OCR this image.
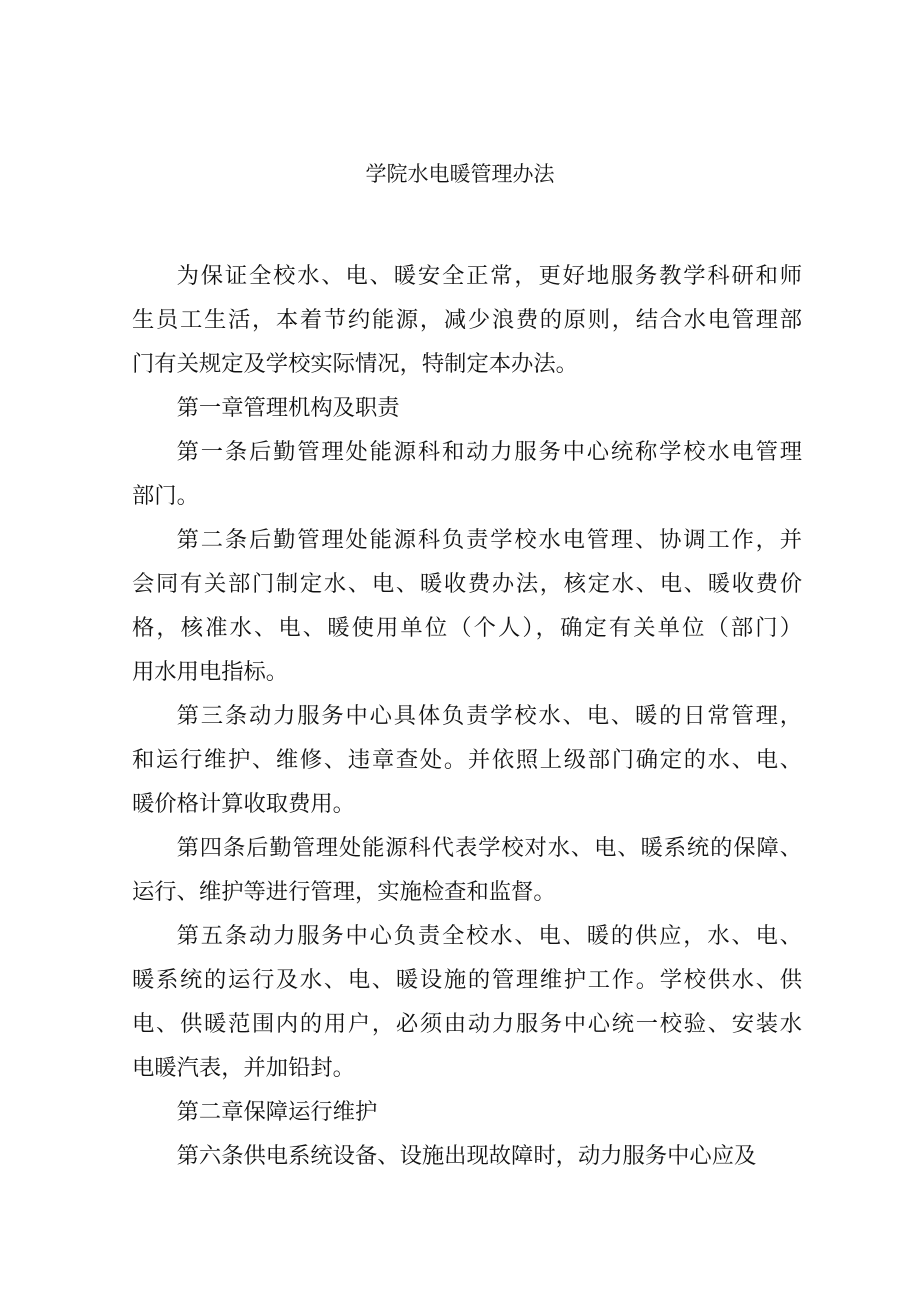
学院水电暖管理办法

为保证全校水、电、暖安全正常，更好地服务教学科研和师
生员工生活，本着节约能源，减少浪费的原则，结合水电管理部
门有关规定及学校实际情况，特制定本办法。

第一章管理机构及职责

第一条后勤管理处能源科和动力服务中心统称学校水电管理
部门。

第二条后勤管理处能源科负责学校水电管理、协调工作，并
会同有关部门制定水、电、暖收费办法，核定水、电、暖收费价
格，核准水、电、暖使用单位（个人），确定有关单位（部门）
用水用电指标。

第三条动力服务中心具体负责学校水、电、暖的日常管理，
和运行维护、维修、违章查处。并依照上级部门确定的水、电、
暖价格计算收取费用。

第四条后勤管理处能源科代表学校对水、电、暖系统的保障、
运行、维护等进行管理，实施检查和监督。

第五条动力服务中心负责全校水、电、暖的供应，水、电、
暖系统的运行及水、电、暖设施的管理维护工作。学校供水、供
电、供暖范围内的用户，必须由动力服务中心统一校验、安装水
电暖汽表，并加铅封。

第二章保障运行维护

第六条供电系统设备、设施出现故障时，动力服务中心应及
